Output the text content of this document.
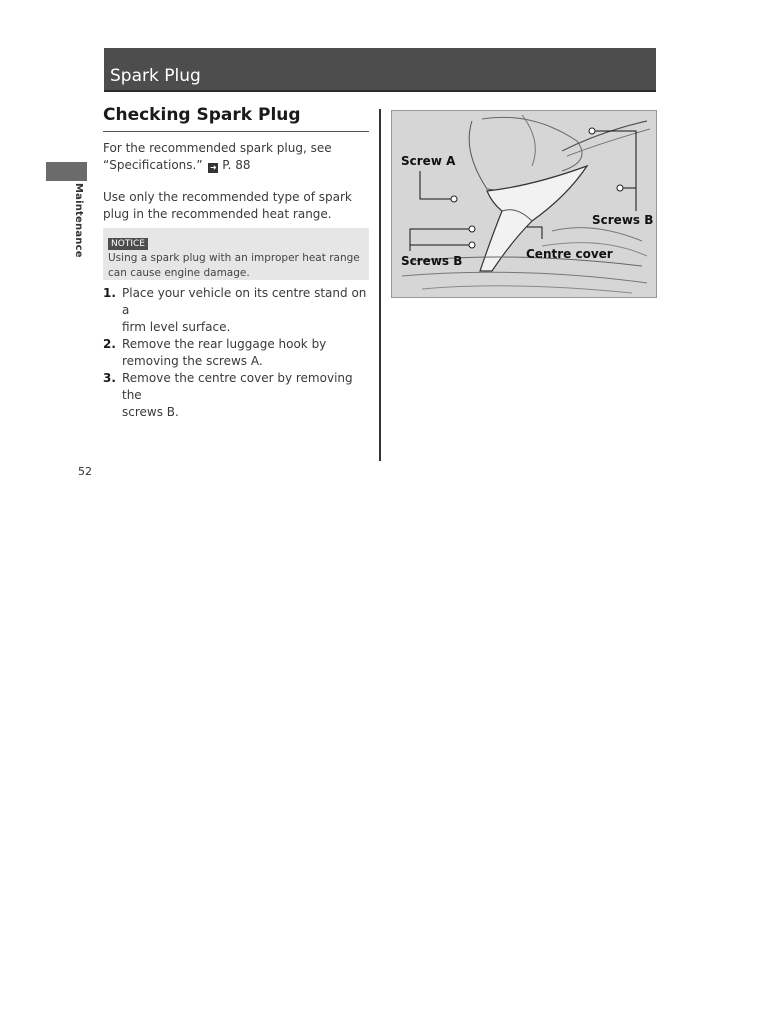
Spark Plug
Maintenance
Checking Spark Plug
For the recommended spark plug, see
“Specifications.” ➜ P. 88
Use only the recommended type of spark
plug in the recommended heat range.
NOTICE
Using a spark plug with an improper heat range
can cause engine damage.
1. Place your vehicle on its centre stand on a
firm level surface.
2. Remove the rear luggage hook by
removing the screws A.
3. Remove the centre cover by removing the
screws B.
Screw A
Screws B
Screws B	Centre cover
52
